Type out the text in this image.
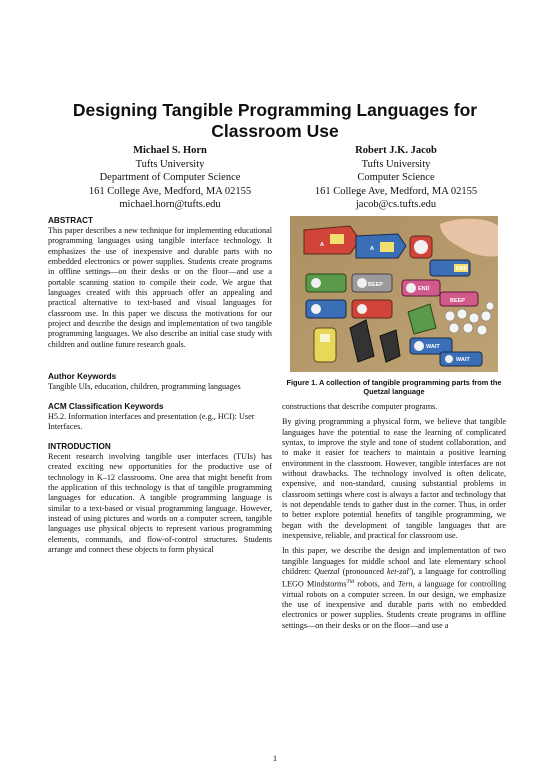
Designing Tangible Programming Languages for Classroom Use
Michael S. Horn
Tufts University
Department of Computer Science
161 College Ave, Medford, MA 02155
michael.horn@tufts.edu
Robert J.K. Jacob
Tufts University
Computer Science
161 College Ave, Medford, MA 02155
jacob@cs.tufts.edu
ABSTRACT
This paper describes a new technique for implementing educational programming languages using tangible interface technology. It emphasizes the use of inexpensive and durable parts with no embedded electronics or power supplies. Students create programs in offline settings—on their desks or on the floor—and use a portable scanning station to compile their code. We argue that languages created with this approach offer an appealing and practical alternative to text-based and visual languages for classroom use. In this paper we discuss the motivations for our project and describe the design and implementation of two tangible programming languages. We also describe an initial case study with children and outline future research goals.
Author Keywords
Tangible UIs, education, children, programming languages
ACM Classification Keywords
H5.2. Information interfaces and presentation (e.g., HCI): User Interfaces.
INTRODUCTION
Recent research involving tangible user interfaces (TUIs) has created exciting new opportunities for the productive use of technology in K–12 classrooms. One area that might benefit from the application of this technology is that of tangible programming languages for education. A tangible programming language is similar to a text-based or visual programming language. However, instead of using pictures and words on a computer screen, tangible languages use physical objects to represent various programming elements, commands, and flow-of-control structures. Students arrange and connect these objects to form physical
A
END
A
BEEP
END
BEEP
WAIT
WAIT
Figure 1. A collection of tangible programming parts from the Quetzal language
constructions that describe computer programs.
By giving programming a physical form, we believe that tangible languages have the potential to ease the learning of complicated syntax, to improve the style and tone of student collaboration, and to make it easier for teachers to maintain a positive learning environment in the classroom. However, tangible interfaces are not without drawbacks. The technology involved is often delicate, expensive, and non-standard, causing substantial problems in classroom settings where cost is always a factor and technology that is not dependable tends to gather dust in the corner. Thus, in order to better explore potential benefits of tangible programming, we began with the development of tangible languages that are inexpensive, reliable, and practical for classroom use.
In this paper, we describe the design and implementation of two tangible languages for middle school and late elementary school children: Quetzal (pronounced ket-zal'), a language for controlling LEGO Mindstorms™ robots, and Tern, a language for controlling virtual robots on a computer screen. In our design, we emphasize the use of inexpensive and durable parts with no embedded electronics or power supplies. Students create programs in offline settings—on their desks or on the floor—and use a
1
